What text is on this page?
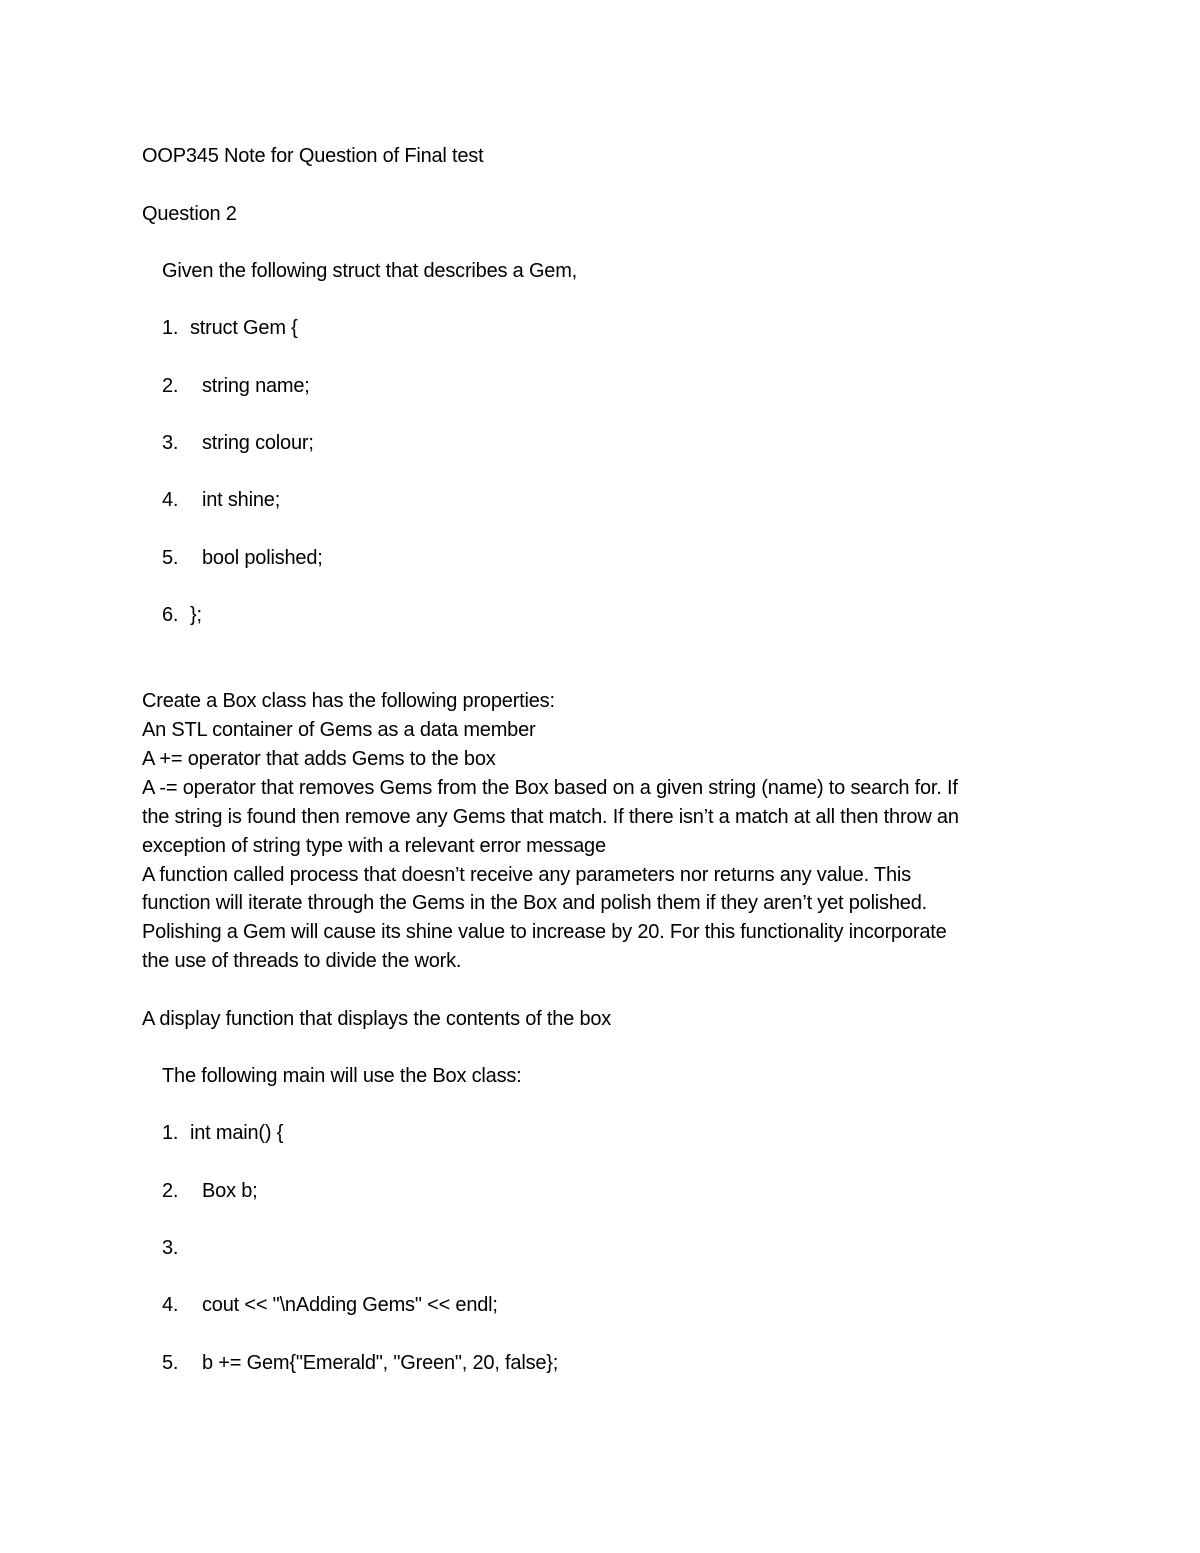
OOP345 Note for Question of Final test
Question 2
Given the following struct that describes a Gem,
1. struct Gem {
2. string name;
3. string colour;
4. int shine;
5. bool polished;
6. };
Create a Box class has the following properties:
An STL container of Gems as a data member
A += operator that adds Gems to the box
A -= operator that removes Gems from the Box based on a given string (name) to search for. If
the string is found then remove any Gems that match. If there isn’t a match at all then throw an
exception of string type with a relevant error message
A function called process that doesn’t receive any parameters nor returns any value. This
function will iterate through the Gems in the Box and polish them if they aren’t yet polished.
Polishing a Gem will cause its shine value to increase by 20. For this functionality incorporate
the use of threads to divide the work.
A display function that displays the contents of the box
The following main will use the Box class:
1. int main() {
2. Box b;
3.
4. cout << "\nAdding Gems" << endl;
5. b += Gem{"Emerald", "Green", 20, false};
